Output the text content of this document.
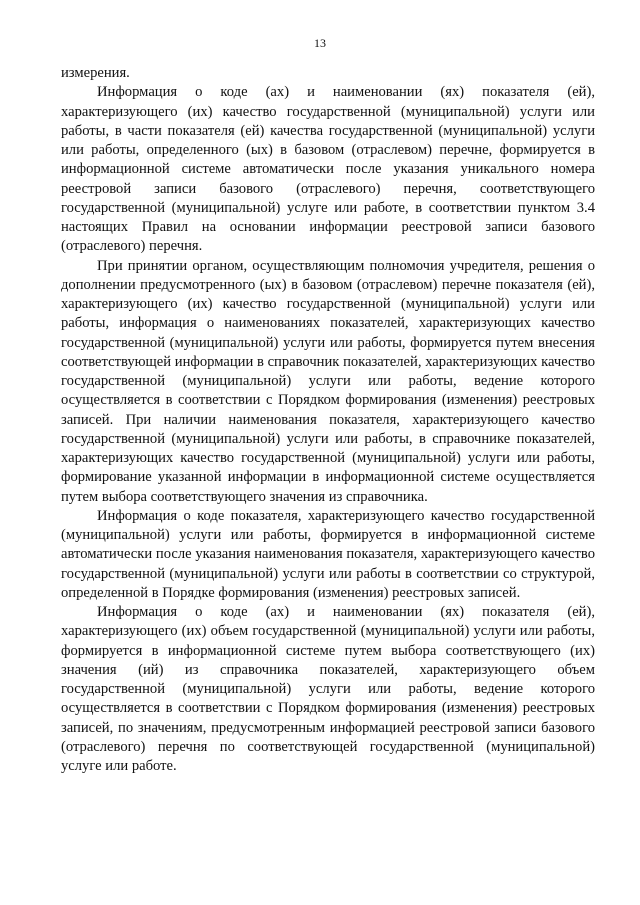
13

измерения.

Информация о коде (ах) и наименовании (ях) показателя (ей), характеризующего (их) качество государственной (муниципальной) услуги или работы, в части показателя (ей) качества государственной (муниципальной) услуги или работы, определенного (ых) в базовом (отраслевом) перечне, формируется в информационной системе автоматически после указания уникального номера реестровой записи базового (отраслевого) перечня, соответствующего государственной (муниципальной) услуге или работе, в соответствии пунктом 3.4 настоящих Правил на основании информации реестровой записи базового (отраслевого) перечня.

При принятии органом, осуществляющим полномочия учредителя, решения о дополнении предусмотренного (ых) в базовом (отраслевом) перечне показателя (ей), характеризующего (их) качество государственной (муниципальной) услуги или работы, информация о наименованиях показателей, характеризующих качество государственной (муниципальной) услуги или работы, формируется путем внесения соответствующей информации в справочник показателей, характеризующих качество государственной (муниципальной) услуги или работы, ведение которого осуществляется в соответствии с Порядком формирования (изменения) реестровых записей. При наличии наименования показателя, характеризующего качество государственной (муниципальной) услуги или работы, в справочнике показателей, характеризующих качество государственной (муниципальной) услуги или работы, формирование указанной информации в информационной системе осуществляется путем выбора соответствующего значения из справочника.

Информация о коде показателя, характеризующего качество государственной (муниципальной) услуги или работы, формируется в информационной системе автоматически после указания наименования показателя, характеризующего качество государственной (муниципальной) услуги или работы в соответствии со структурой, определенной в Порядке формирования (изменения) реестровых записей.

Информация о коде (ах) и наименовании (ях) показателя (ей), характеризующего (их) объем государственной (муниципальной) услуги или работы, формируется в информационной системе путем выбора соответствующего (их) значения (ий) из справочника показателей, характеризующего объем государственной (муниципальной) услуги или работы, ведение которого осуществляется в соответствии с Порядком формирования (изменения) реестровых записей, по значениям, предусмотренным информацией реестровой записи базового (отраслевого) перечня по соответствующей государственной (муниципальной) услуге или работе.
